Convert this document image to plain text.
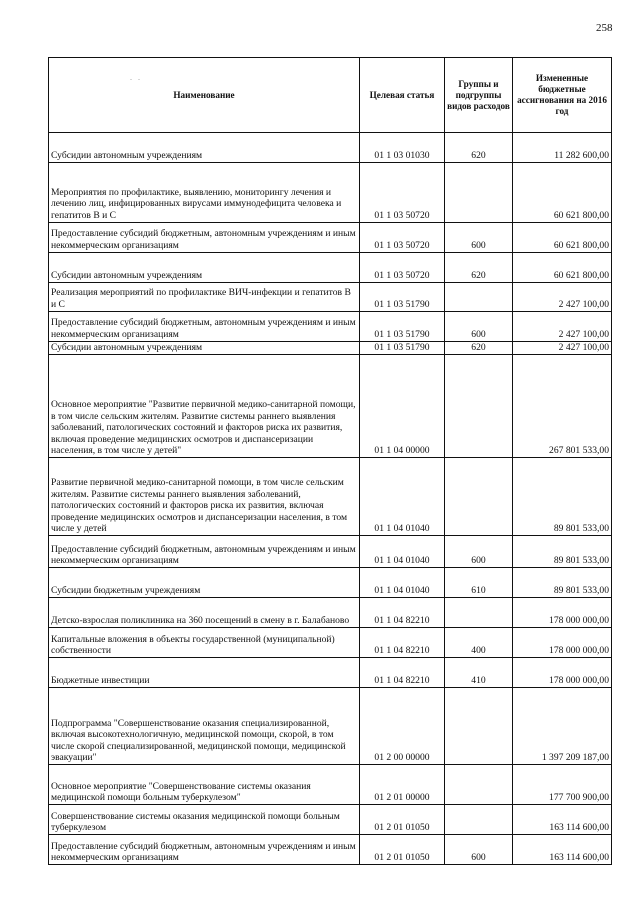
258
. .
Наименование	Целевая статья	Группы и подгруппы видов расходов	Измененные бюджетные ассигнования на 2016 год
Субсидии автономным учреждениям	01 1 03 01030	620	11 282 600,00
Мероприятия по профилактике, выявлению, мониторингу лечения и лечению лиц, инфицированных вирусами иммунодефицита человека и гепатитов B и C	01 1 03 50720		60 621 800,00
Предоставление субсидий бюджетным, автономным учреждениям и иным некоммерческим организациям	01 1 03 50720	600	60 621 800,00
Субсидии автономным учреждениям	01 1 03 50720	620	60 621 800,00
Реализация мероприятий по профилактике ВИЧ-инфекции и гепатитов B и C	01 1 03 51790		2 427 100,00
Предоставление субсидий бюджетным, автономным учреждениям и иным некоммерческим организациям	01 1 03 51790	600	2 427 100,00
Субсидии автономным учреждениям	01 1 03 51790	620	2 427 100,00
Основное мероприятие "Развитие первичной медико-санитарной помощи, в том числе сельским жителям. Развитие системы раннего выявления заболеваний, патологических состояний и факторов риска их развития, включая проведение медицинских осмотров и диспансеризации населения, в том числе у детей"	01 1 04 00000		267 801 533,00
Развитие первичной медико-санитарной помощи, в том числе сельским жителям. Развитие системы раннего выявления заболеваний, патологических состояний и факторов риска их развития, включая проведение медицинских осмотров и диспансеризации населения, в том числе у детей	01 1 04 01040		89 801 533,00
Предоставление субсидий бюджетным, автономным учреждениям и иным некоммерческим организациям	01 1 04 01040	600	89 801 533,00
Субсидии бюджетным учреждениям	01 1 04 01040	610	89 801 533,00
Детско-взрослая поликлиника на 360 посещений в смену в г. Балабаново	01 1 04 82210		178 000 000,00
Капитальные вложения в объекты государственной (муниципальной) собственности	01 1 04 82210	400	178 000 000,00
Бюджетные инвестиции	01 1 04 82210	410	178 000 000,00
Подпрограмма "Совершенствование оказания специализированной, включая высокотехнологичную, медицинской помощи, скорой, в том числе скорой специализированной, медицинской помощи, медицинской эвакуации"	01 2 00 00000		1 397 209 187,00
Основное мероприятие "Совершенствование системы оказания медицинской помощи больным туберкулезом"	01 2 01 00000		177 700 900,00
Совершенствование системы оказания медицинской помощи больным туберкулезом	01 2 01 01050		163 114 600,00
Предоставление субсидий бюджетным, автономным учреждениям и иным некоммерческим организациям	01 2 01 01050	600	163 114 600,00
